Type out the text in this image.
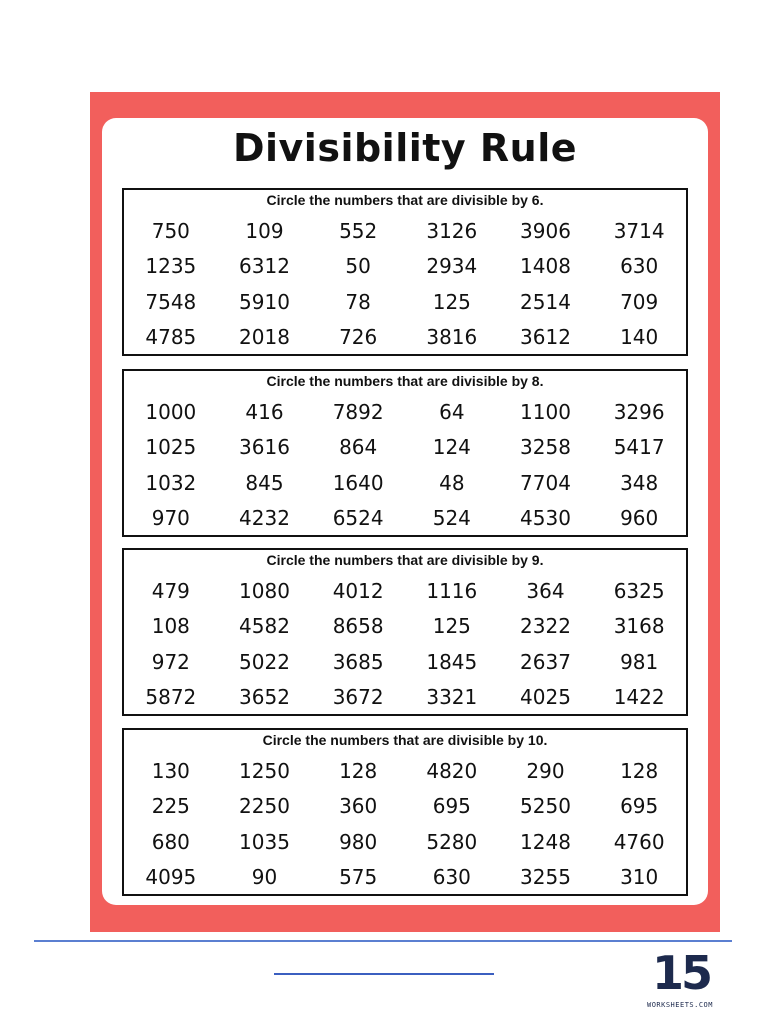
Divisibility Rule
Circle the numbers that are divisible by 6.
750	109	552	3126	3906	3714
1235	6312	50	2934	1408	630
7548	5910	78	125	2514	709
4785	2018	726	3816	3612	140
Circle the numbers that are divisible by 8.
1000	416	7892	64	1100	3296
1025	3616	864	124	3258	5417
1032	845	1640	48	7704	348
970	4232	6524	524	4530	960
Circle the numbers that are divisible by 9.
479	1080	4012	1116	364	6325
108	4582	8658	125	2322	3168
972	5022	3685	1845	2637	981
5872	3652	3672	3321	4025	1422
Circle the numbers that are divisible by 10.
130	1250	128	4820	290	128
225	2250	360	695	5250	695
680	1035	980	5280	1248	4760
4095	90	575	630	3255	310
15
WORKSHEETS.COM
